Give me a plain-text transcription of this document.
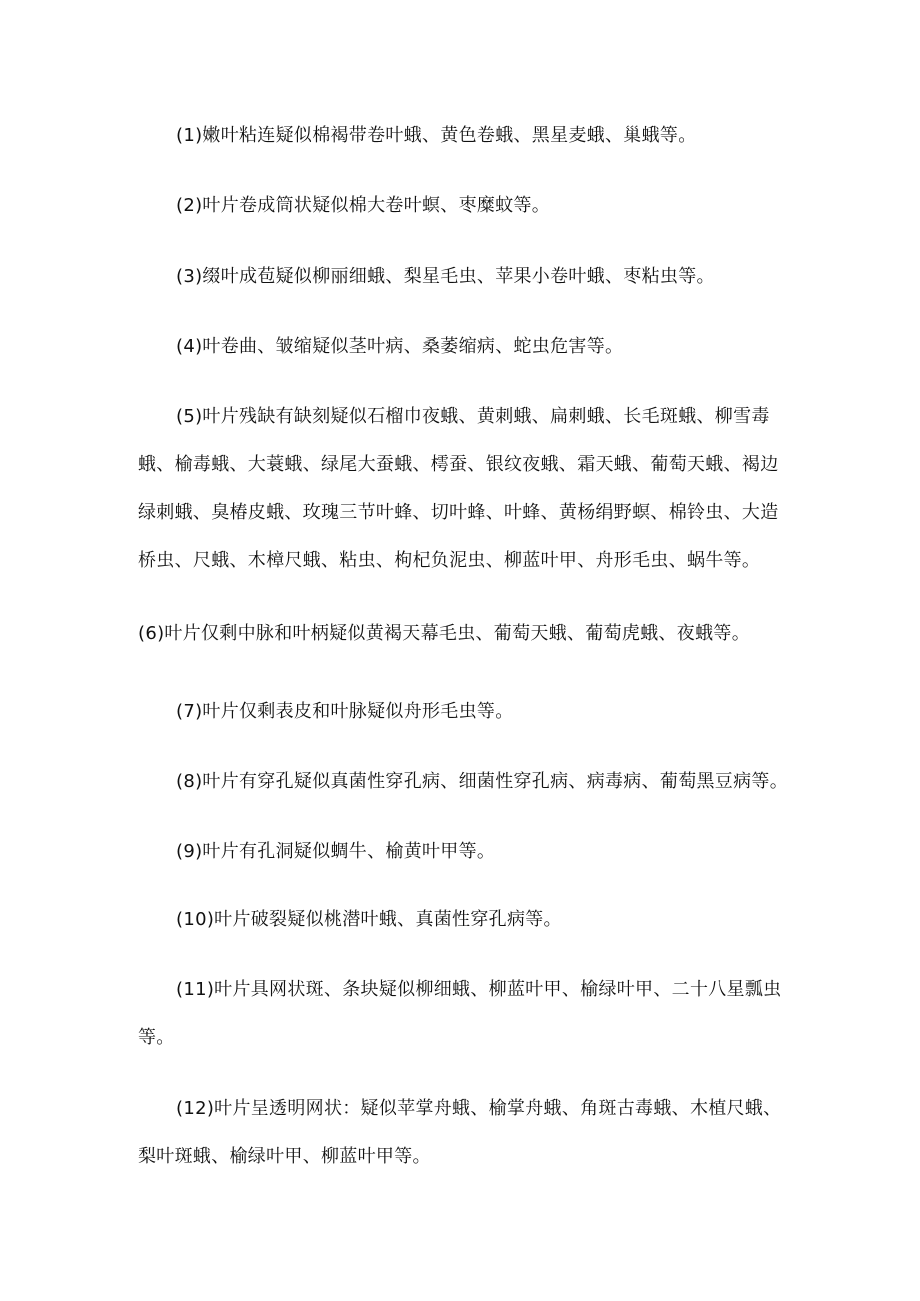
(1)嫩叶粘连疑似棉褐带卷叶蛾、黄色卷蛾、黑星麦蛾、巢蛾等。

(2)叶片卷成筒状疑似棉大卷叶螟、枣糜蚊等。

(3)缀叶成苞疑似柳丽细蛾、梨星毛虫、苹果小卷叶蛾、枣粘虫等。

(4)叶卷曲、皱缩疑似茎叶病、桑萎缩病、蛇虫危害等。

(5)叶片残缺有缺刻疑似石榴巾夜蛾、黄刺蛾、扁刺蛾、长毛斑蛾、柳雪毒蛾、榆毒蛾、大蓑蛾、绿尾大蚕蛾、樗蚕、银纹夜蛾、霜天蛾、葡萄天蛾、褐边绿刺蛾、臭椿皮蛾、玫瑰三节叶蜂、切叶蜂、叶蜂、黄杨绢野螟、棉铃虫、大造桥虫、尺蛾、木樟尺蛾、粘虫、枸杞负泥虫、柳蓝叶甲、舟形毛虫、蜗牛等。

(6)叶片仅剩中脉和叶柄疑似黄褐天幕毛虫、葡萄天蛾、葡萄虎蛾、夜蛾等。

(7)叶片仅剩表皮和叶脉疑似舟形毛虫等。

(8)叶片有穿孔疑似真菌性穿孔病、细菌性穿孔病、病毒病、葡萄黑豆病等。

(9)叶片有孔洞疑似蜩牛、榆黄叶甲等。

(10)叶片破裂疑似桃潜叶蛾、真菌性穿孔病等。

(11)叶片具网状斑、条块疑似柳细蛾、柳蓝叶甲、榆绿叶甲、二十八星瓢虫等。

(12)叶片呈透明网状：疑似苹掌舟蛾、榆掌舟蛾、角斑古毒蛾、木植尺蛾、梨叶斑蛾、榆绿叶甲、柳蓝叶甲等。
